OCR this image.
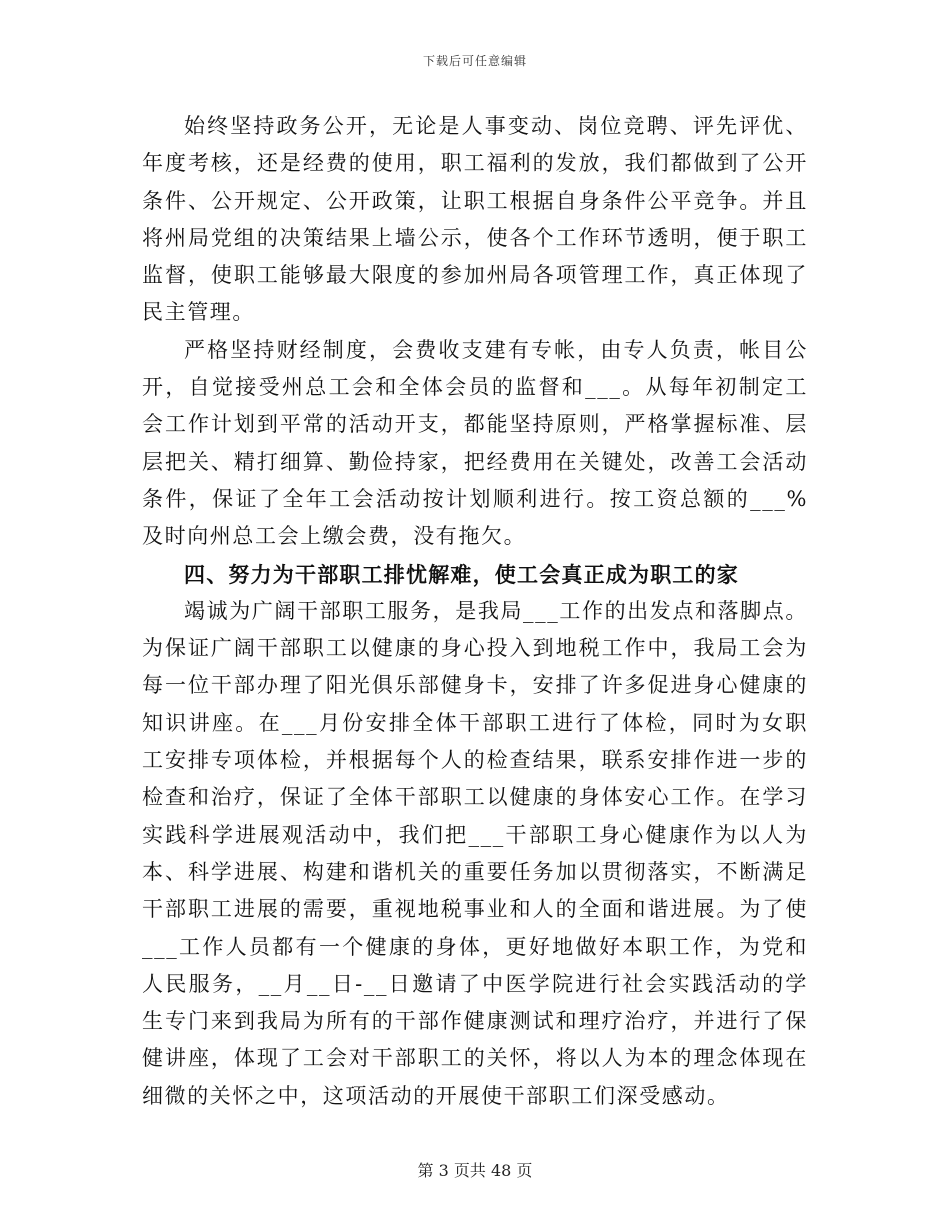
下载后可任意编辑

始终坚持政务公开，无论是人事变动、岗位竞聘、评先评优、年度考核，还是经费的使用，职工福利的发放，我们都做到了公开条件、公开规定、公开政策，让职工根据自身条件公平竞争。并且将州局党组的决策结果上墙公示，使各个工作环节透明，便于职工监督，使职工能够最大限度的参加州局各项管理工作，真正体现了民主管理。

严格坚持财经制度，会费收支建有专帐，由专人负责，帐目公开，自觉接受州总工会和全体会员的监督和___。从每年初制定工会工作计划到平常的活动开支，都能坚持原则，严格掌握标准、层层把关、精打细算、勤俭持家，把经费用在关键处，改善工会活动条件，保证了全年工会活动按计划顺利进行。按工资总额的___%及时向州总工会上缴会费，没有拖欠。

四、努力为干部职工排忧解难，使工会真正成为职工的家

竭诚为广阔干部职工服务，是我局___工作的出发点和落脚点。为保证广阔干部职工以健康的身心投入到地税工作中，我局工会为每一位干部办理了阳光俱乐部健身卡，安排了许多促进身心健康的知识讲座。在___月份安排全体干部职工进行了体检，同时为女职工安排专项体检，并根据每个人的检查结果，联系安排作进一步的检查和治疗，保证了全体干部职工以健康的身体安心工作。在学习实践科学进展观活动中，我们把___干部职工身心健康作为以人为本、科学进展、构建和谐机关的重要任务加以贯彻落实，不断满足干部职工进展的需要，重视地税事业和人的全面和谐进展。为了使___工作人员都有一个健康的身体，更好地做好本职工作，为党和人民服务，__月__日-__日邀请了中医学院进行社会实践活动的学生专门来到我局为所有的干部作健康测试和理疗治疗，并进行了保健讲座，体现了工会对干部职工的关怀，将以人为本的理念体现在细微的关怀之中，这项活动的开展使干部职工们深受感动。

第 3 页共 48 页
